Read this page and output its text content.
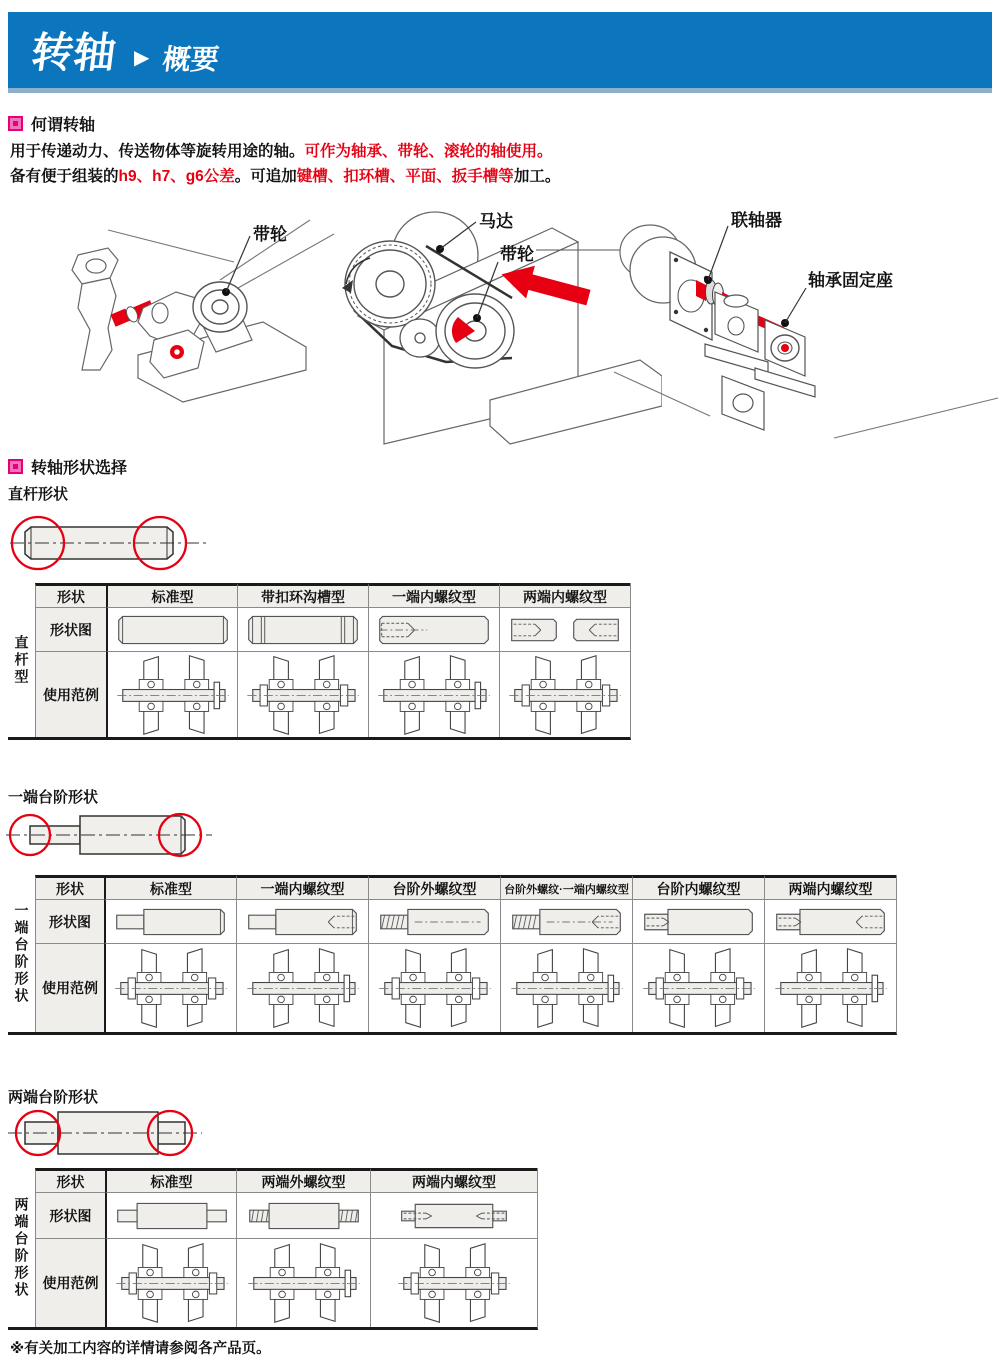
转轴 ▶ 概要
何谓转轴
用于传递动力、传送物体等旋转用途的轴。可作为轴承、带轮、滚轮的轴使用。
备有便于组装的h9、h7、g6公差。可追加键槽、扣环槽、平面、扳手槽等加工。
带轮
马达
带轮
联轴器
轴承固定座
转轴形状选择
直杆形状
直杆型
形状	标准型	带扣环沟槽型	一端内螺纹型	两端内螺纹型
形状图
使用范例
一端台阶形状
一端台阶形状
形状	标准型	一端内螺纹型	台阶外螺纹型	台阶外螺纹·一端内螺纹型	台阶内螺纹型	两端内螺纹型
形状图
使用范例
两端台阶形状
两端台阶形状
形状	标准型	两端外螺纹型	两端内螺纹型
形状图
使用范例
※有关加工内容的详情请参阅各产品页。
